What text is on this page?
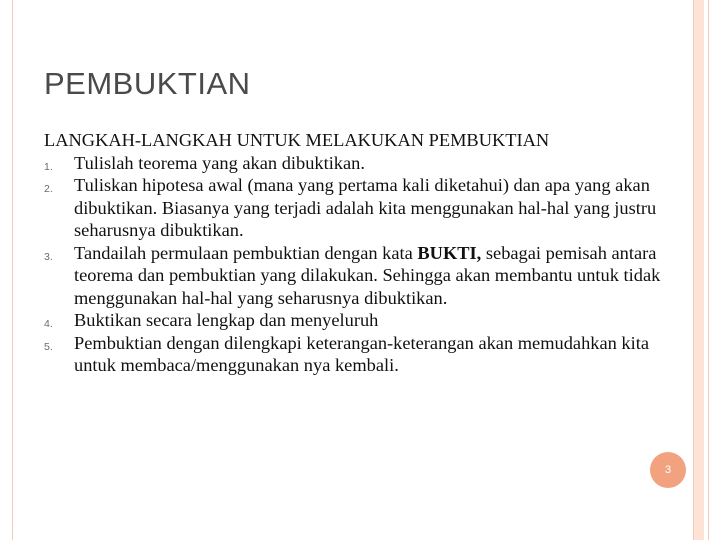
PEMBUKTIAN

LANGKAH-LANGKAH UNTUK MELAKUKAN PEMBUKTIAN

1. Tulislah teorema yang akan dibuktikan.
2. Tuliskan hipotesa awal (mana yang pertama kali diketahui) dan apa yang akan dibuktikan. Biasanya yang terjadi adalah kita menggunakan hal-hal yang justru seharusnya dibuktikan.
3. Tandailah permulaan pembuktian dengan kata BUKTI, sebagai pemisah antara teorema dan pembuktian yang dilakukan. Sehingga akan membantu untuk tidak menggunakan hal-hal yang seharusnya dibuktikan.
4. Buktikan secara lengkap dan menyeluruh
5. Pembuktian dengan dilengkapi keterangan-keterangan akan memudahkan kita untuk membaca/menggunakan nya kembali.
3
